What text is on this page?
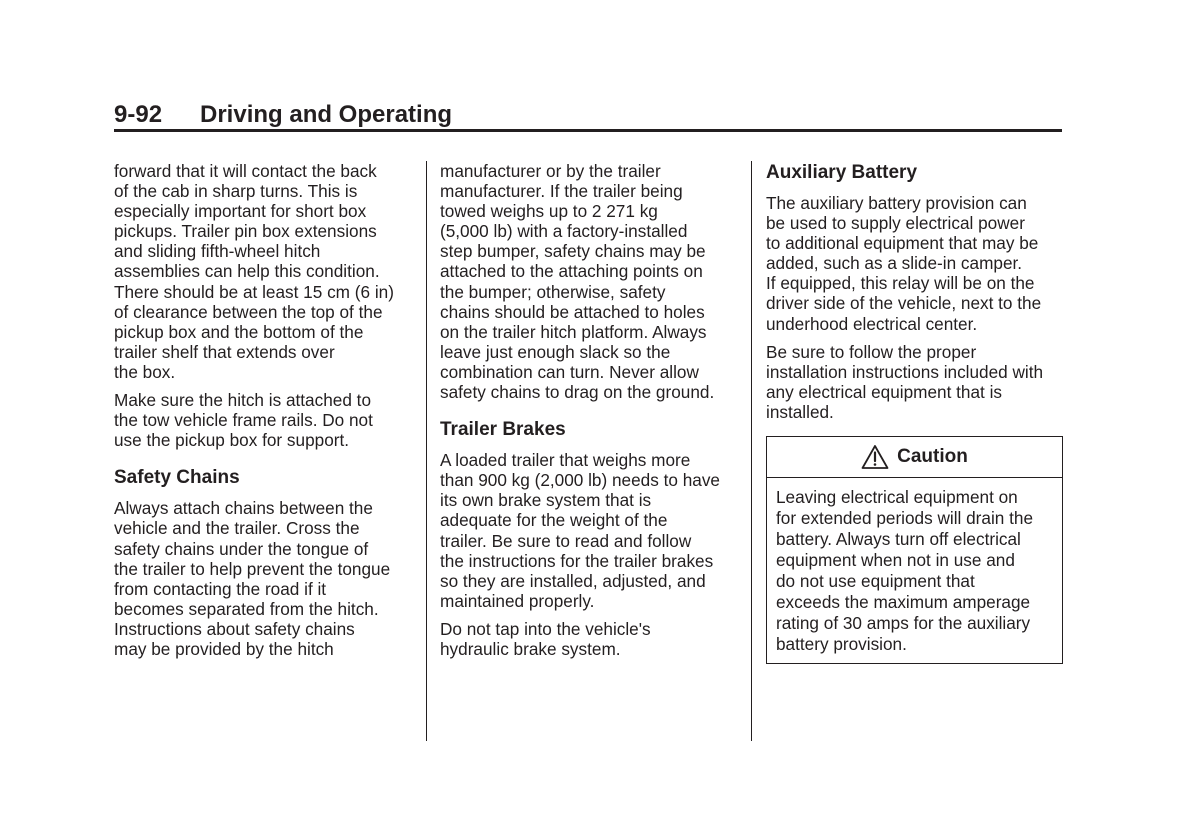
9-92 Driving and Operating

forward that it will contact the back
of the cab in sharp turns. This is
especially important for short box
pickups. Trailer pin box extensions
and sliding fifth-wheel hitch
assemblies can help this condition.
There should be at least 15 cm (6 in)
of clearance between the top of the
pickup box and the bottom of the
trailer shelf that extends over
the box.

Make sure the hitch is attached to
the tow vehicle frame rails. Do not
use the pickup box for support.

Safety Chains

Always attach chains between the
vehicle and the trailer. Cross the
safety chains under the tongue of
the trailer to help prevent the tongue
from contacting the road if it
becomes separated from the hitch.
Instructions about safety chains
may be provided by the hitch

manufacturer or by the trailer
manufacturer. If the trailer being
towed weighs up to 2 271 kg
(5,000 lb) with a factory-installed
step bumper, safety chains may be
attached to the attaching points on
the bumper; otherwise, safety
chains should be attached to holes
on the trailer hitch platform. Always
leave just enough slack so the
combination can turn. Never allow
safety chains to drag on the ground.

Trailer Brakes

A loaded trailer that weighs more
than 900 kg (2,000 lb) needs to have
its own brake system that is
adequate for the weight of the
trailer. Be sure to read and follow
the instructions for the trailer brakes
so they are installed, adjusted, and
maintained properly.

Do not tap into the vehicle's
hydraulic brake system.

Auxiliary Battery

The auxiliary battery provision can
be used to supply electrical power
to additional equipment that may be
added, such as a slide-in camper.
If equipped, this relay will be on the
driver side of the vehicle, next to the
underhood electrical center.

Be sure to follow the proper
installation instructions included with
any electrical equipment that is
installed.

Caution
Leaving electrical equipment on
for extended periods will drain the
battery. Always turn off electrical
equipment when not in use and
do not use equipment that
exceeds the maximum amperage
rating of 30 amps for the auxiliary
battery provision.
